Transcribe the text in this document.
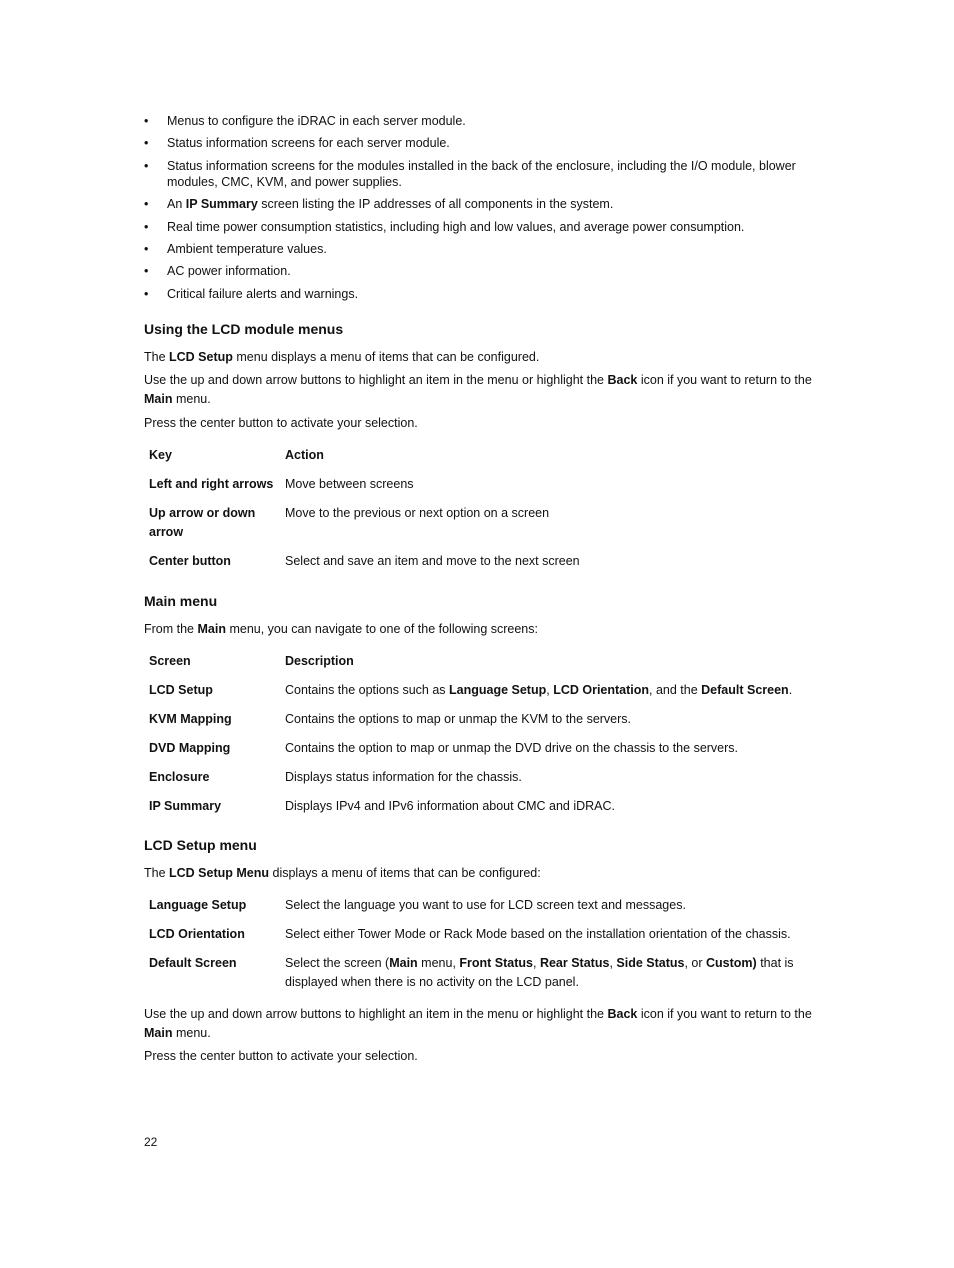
• Menus to configure the iDRAC in each server module.
• Status information screens for each server module.
• Status information screens for the modules installed in the back of the enclosure, including the I/O module, blower modules, CMC, KVM, and power supplies.
• An IP Summary screen listing the IP addresses of all components in the system.
• Real time power consumption statistics, including high and low values, and average power consumption.
• Ambient temperature values.
• AC power information.
• Critical failure alerts and warnings.
Using the LCD module menus

The LCD Setup menu displays a menu of items that can be configured.

Use the up and down arrow buttons to highlight an item in the menu or highlight the Back icon if you want to return to the Main menu.

Press the center button to activate your selection.

Key	Action
Left and right arrows	Move between screens
Up arrow or down arrow	Move to the previous or next option on a screen
Center button	Select and save an item and move to the next screen
Main menu

From the Main menu, you can navigate to one of the following screens:

Screen	Description
LCD Setup	Contains the options such as Language Setup, LCD Orientation, and the Default Screen.
KVM Mapping	Contains the options to map or unmap the KVM to the servers.
DVD Mapping	Contains the option to map or unmap the DVD drive on the chassis to the servers.
Enclosure	Displays status information for the chassis.
IP Summary	Displays IPv4 and IPv6 information about CMC and iDRAC.
LCD Setup menu

The LCD Setup Menu displays a menu of items that can be configured:

Language Setup	Select the language you want to use for LCD screen text and messages.
LCD Orientation	Select either Tower Mode or Rack Mode based on the installation orientation of the chassis.
Default Screen	Select the screen (Main menu, Front Status, Rear Status, Side Status, or Custom) that is displayed when there is no activity on the LCD panel.

Use the up and down arrow buttons to highlight an item in the menu or highlight the Back icon if you want to return to the Main menu.

Press the center button to activate your selection.

22
